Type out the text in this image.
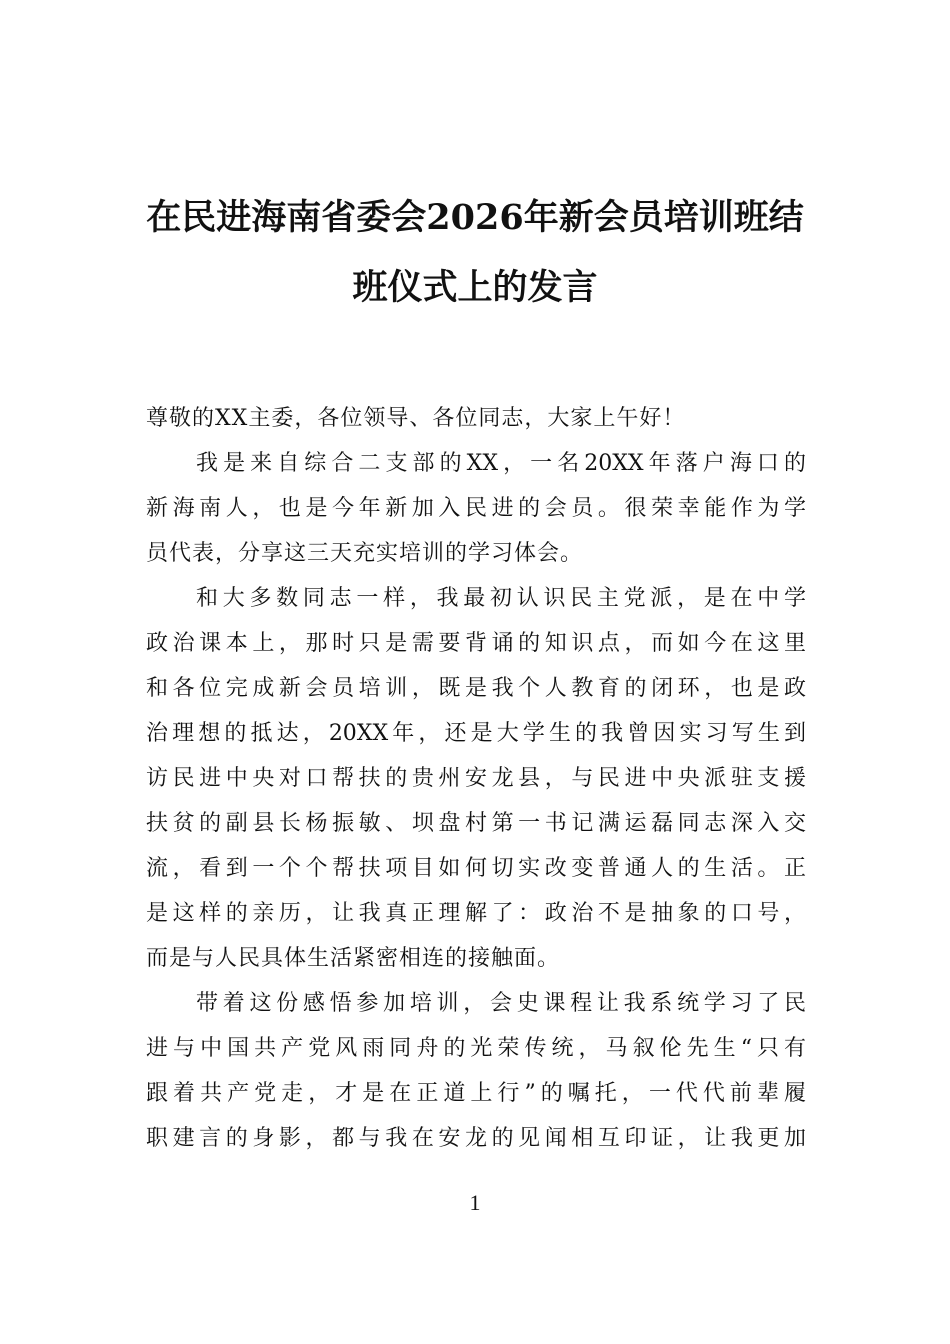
在民进海南省委会2026年新会员培训班结
班仪式上的发言
尊敬的XX主委，各位领导、各位同志，大家上午好！
我是来自综合二支部的XX，一名20XX年落户海口的
新海南人，也是今年新加入民进的会员。很荣幸能作为学
员代表，分享这三天充实培训的学习体会。
和大多数同志一样，我最初认识民主党派，是在中学
政治课本上，那时只是需要背诵的知识点，而如今在这里
和各位完成新会员培训，既是我个人教育的闭环，也是政
治理想的抵达，20XX年，还是大学生的我曾因实习写生到
访民进中央对口帮扶的贵州安龙县，与民进中央派驻支援
扶贫的副县长杨振敏、坝盘村第一书记满运磊同志深入交
流，看到一个个帮扶项目如何切实改变普通人的生活。正
是这样的亲历，让我真正理解了：政治不是抽象的口号，
而是与人民具体生活紧密相连的接触面。
带着这份感悟参加培训，会史课程让我系统学习了民
进与中国共产党风雨同舟的光荣传统，马叙伦先生“只有
跟着共产党走，才是在正道上行”的嘱托，一代代前辈履
职建言的身影，都与我在安龙的见闻相互印证，让我更加
1
